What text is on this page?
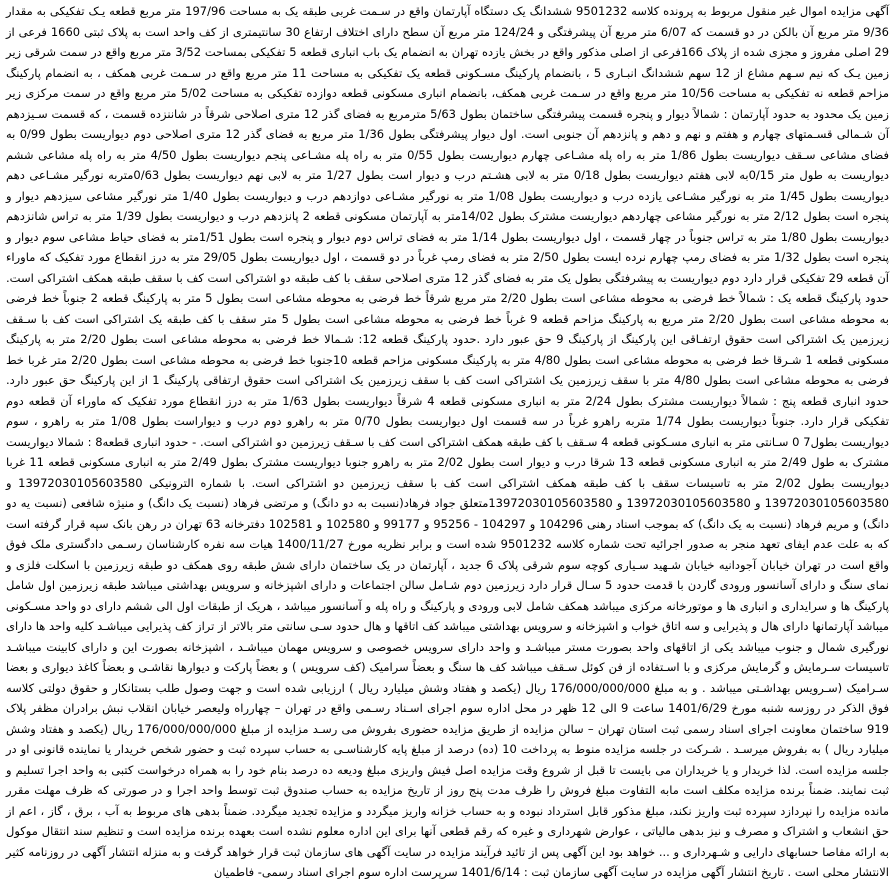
آگهی مزایده اموال غیر منقول مربوط به پرونده کلاسه 9501232 ششدانگ یک دستگاه آپارتمان واقع در سـمت غربی طبقه یک به مساحت 197/96 متر مربع قطعه یـک تفکیکی به مقدار 9/36 متر مربع آن بالکن در دو قسمت که 6/07 متر مربع آن پیشرفتگی و 124/24 متر مربع آن سطح دارای اختلاف ارتفاع 30 سانتیمتری از کف واحد است به پلاک ثبتی 1660 فرعی از 29 اصلی مفروز و مجزی شده از پلاک 166فرعی از اصلی مذکور واقع در بخش یازده تهران به انضمام یک باب انباری قطعه 5 تفکیکی بمساحت 3/52 متر مربع واقع در سمت شرقی زیر زمین یـک که نیم سـهم مشاع از 12 سهم ششدانگ انبـاری 5 ، بانضمام پارکینگ مسـکونی قطعه یک تفکیکی به مساحت 11 متر مربع واقع در سـمت غربی همکف ، به انضمام پارکینگ مزاحم قطعه نه تفکیکی به مساحت 10/56 متر مربع واقع در سـمت غربی همکف، بانضمام انباری مسکونی قطعه دوازده تفکیکی به مساحت 5/02 متر مربع واقع در سمت مرکزی زیر زمین یک محدود به حدود آپارتمان : شمالاً دیوار و پنجره قسمت پیشرفتگی ساختمان بطول 5/63 مترمربع به فضای گذر 12 متری اصلاحی شرقاً در شاننزده قسمت ، که قسمت سـیزدهم آن شـمالی قسـمتهای چهارم و هفتم و نهم و دهم و پانزدهم آن جنوبی است. اول دیوار پیشرفتگی بطول 1/36 متر مربع به فضای گذر 12 متری اصلاحی دوم دیواریست بطول 0/99 به فضای مشاعی سـقف دیواریست بطول 1/86 متر به راه پله مشـاعی چهارم دیواریست بطول 0/55 متر به راه پله مشـاعی پنجم دیواریست بطول 4/50 متر به راه پله مشاعی ششم دیواریست به طول متر 0/15به لابی هفتم دیواریست بطول 0/18 متر به لابی هشـتم درب و دیوار است بطول 1/27 متر به لابی نهم دیواریست بطول 0/63متربه نورگیر مشـاعی دهم دیواریست بطول 1/45 متر به نورگیر مشـاعی یازده درب و دیواریست بطول 1/08 متر به نورگیر مشـاعی دوازدهم درب و دیواریست بطول 1/40 متر نورگیر مشاعی سیزدهم دیوار و پنجره است بطول 2/12 متر به نورگیر مشاعی چهاردهم دیواریست مشترک بطول 14/02متر به آپارتمان مسکونی قطعه 2 پانزدهم درب و دیواریست بطول 1/39 متر به تراس شانزدهم دیواریست بطول 1/80 متر به تراس جنوباً در چهار قسمت ، اول دیواریست بطول 1/14 متر به فضای تراس دوم دیوار و پنجره است بطول 1/51متر به فضای حیاط مشاعی سوم دیوار و پنجره است بطول 1/32 متر به فضای رمپ چهارم نرده ایست بطول 2/50 متر به فضای رمپ غرباً در دو قسمت ، اول دیواریست بطول 29/05 متر به درز انقطاع مورد تفکیک که ماوراء آن قطعه 29 تفکیکی قرار دارد دوم دیواریست به پیشرفتگی بطول یک متر به فضای گذر 12 متری اصلاحی سقف با کف طبقه دو اشتراکی است کف با سقف طبقه همکف اشتراکی است. حدود پارکینگ قطعه یک : شمالاً خط فرضی به محوطه مشاعی است بطول 2/20 متر مربع شرقاً خط فرضی به محوطه مشاعی است بطول 5 متر به پارکینگ قطعه 2 جنوباً خط فرضی به محوطه مشاعی است بطول 2/20 متر مربع به پارکینگ مزاحم قطعه 9 غرباً خط فرضی به محوطه مشاعی است بطول 5 متر سقف با کف طبقه یک اشتراکی است کف با سـقف زیرزمین یک اشتراکی است حقوق ارتفـاقی این پارکینگ از پارکینگ 9 حق عبور دارد .حدود پارکینگ قطعه 12: شـمالا خط فرضی به محوطه مشاعی است بطول 2/20 متر به پارکینگ مسکونی قطعه 1 شـرقا خط فرضی به محوطه مشاعی است بطول 4/80 متر به پارکینگ مسکونی مزاحم قطعه 10جنوبا خط فرضی به محوطه مشاعی است بطول 2/20 متر غربا خط فرضی به محوطه مشاعی است بطول 4/80 متر با سقف زیرزمین یک اشتراکی است کف با سقف زیرزمین یک اشتراکی است حقوق ارتفاقی پارکینگ 1 از این پارکینگ حق عبور دارد. حدود انباری قطعه پنج : شمالاً دیواریست مشترک بطول 2/24 متر به انباری مسکونی قطعه 4 شرقاً دیواریست بطول 1/63 متر به درز انقطاع مورد تفکیک که ماوراء آن قطعه دوم تفکیکی قرار دارد. جنوباً دیواریست بطول 1/74 متربه راهرو غرباً در سه قسمت اول دیواریست بطول 0/70 متر به راهرو دوم درب و دیواراست بطول 1/08 متر به راهرو ، سوم دیواریست بطول7 0 سـانتی متر به انباری مسـکونی قطعه 4 سـقف با کف طبقه همکف اشتراکی است کف با سـقف زیرزمین دو اشتراکی است. - حدود انباری قطعه8 : شمالا دیواریست مشترک به طول 2/49 متر به انباری مسکونی قطعه 13 شرقا درب و دیوار است بطول 2/02 متر به راهرو جنوبا دیواریست مشترک بطول 2/49 متر به انباری مسکونی قطعه 11 غربا دیواریست بطول 2/02 متر به تاسیسات سقف با کف طبقه همکف اشتراکی است کف با سقف زیرزمین دو اشتراکی است. با شماره الترونیکی 13972030105603580 و 13972030105603580 و 13972030105603580 و 13972030105603580متعلق جواد فرهاد(نسبت به دو دانگ) و مرتضی فرهاد (نسبت یک دانگ) و منیژه شافعی (نسبت یه دو دانگ) و مریم فرهاد (نسبت به یک دانگ) که بموجب اسناد رهنی 104296 و 104297 - 95256 و 99177 و 102580 و 102581 دفترخانه 63 تهران در رهن بانک سپه قرار گرفته است که به علت عدم ایفای تعهد منجر به صدور اجرائیه تحت شماره کلاسه 9501232 شده است و برابر نظریه مورخ 1400/11/27 هیات سه نفره کارشناسان رسـمی دادگستری ملک فوق واقع است در تهران خیابان آجودانیه خیابان شـهید سـیاری کوچه سوم شرقی پلاک 6 جدید ، آپارتمان در یک ساختمان دارای شش طبقه روی همکف دو طبقه زیرزمین با اسکلت فلزی و نمای سنگ و دارای آسانسور ورودی گاردن با قدمت حدود 5 سـال قرار دارد زیرزمین دوم شـامل سالن اجتماعات و دارای اشپزخانه و سرویس بهداشتی میباشد طبقه زیرزمین اول شامل پارکینگ ها و سرایداری و انباری ها و موتورخانه مرکزی میباشد همکف شامل لابی ورودی و پارکینگ و راه پله و آسانسور میباشد ، هریک از طبقات اول الی ششم دارای دو واحد مسـکونی میباشد آپارتمانها دارای هال و پذیرایی و سه اتاق خواب و اشپزخانه و سرویس بهداشتی میباشد کف اتاقها و هال حدود سـی سانتی متر بالاتر از تراز کف پذیرایی میباشـد کلیه واحد ها دارای نورگیری شمال و جنوب میباشد یکی از اتاقهای واحد بصورت مستر میباشـد و واحد دارای سرویس خصوصی و سرویس مهمان میباشـد ، اشپزخانه بصورت این و دارای کابینت میباشـد تاسیسات سـرمایش و گرمایش مرکزی و با اسـتفاده از فن کوئل سـقف میباشد کف ها سنگ و بعضاً سرامیک (کف سرویس ) و بعضاً پارکت و دیوارها نقاشـی و بعضاً کاغذ دیواری و بعضا سـرامیک (سـرویس بهداشـتی میباشد . و به مبلغ 176/000/000/000 ریال (یکصد و هفتاد وشش میلیارد ریال ) ارزیابی شده است و جهت وصول طلب بستانکار و حقوق دولتی کلاسه فوق الذکر در روزسه شنبه مورخ 1401/6/29 ساعت 9 الی 12 ظهر در محل اداره سوم اجرای اسـناد رسـمی واقع در تهران – چهارراه ولیعصر خیابان انقلاب نبش برادران مظفر پلاک 919 ساختمان معاونت اجرای اسناد رسمی ثبت استان تهران – سالن مزایده از طریق مزایده حضوری بفروش می رسـد مزایده از مبلغ 176/000/000/000 ریال (یکصد و هفتاد وشش میلیارد ریال ) به بفروش میرسـد . شـرکت در جلسه مزایده منوط به پرداخت 10 (ده) درصد از مبلغ پایه کارشناسـی به حساب سپرده ثبت و حضور شخص خریدار یا نماینده قانونی او در جلسه مزایده است. لذا خریدار و یا خریداران می بایست تا قبل از شروع وقت مزایده اصل فیش واریزی مبلغ ودیعه ده درصد بنام خود را به همراه درخواست کتبی به واحد اجرا تسلیم و ثبت نمایند. ضمناً برنده مزایده مکلف است مابه التفاوت مبلغ فروش را ظرف مدت پنج روز از تاریخ مزایده به حساب صندوق ثبت توسط واحد اجرا و در صورتی که ظرف مهلت مقرر مانده مزایده را نپردازد سپرده ثبت واریز نکند، مبلغ مذکور قابل استرداد نبوده و به حساب خزانه واریز میگردد و مزایده تجدید میگردد. ضمناً بدهی های مربوط به آب ، برق ، گاز ، اعم از حق انشعاب و اشتراک و مصرف و نیز بدهی مالیاتی ، عوارض شهرداری و غیره که رقم قطعی آنها برای این اداره معلوم نشده است بعهده برنده مزایده است و تنظیم سند انتقال موکول به ارائه مفاصا حسابهای دارایی و شـهرداری و ... خواهد بود این آگهی پس از تائید فرآیند مزایده در سایت آگهی های سازمان ثبت قرار خواهد گرفت و به منزله انتشار آگهی در روزنامه کثیر الانتشار محلی است . تاریخ انتشار آگهی مزایده در سایت آگهی سازمان ثبت : 1401/6/14 سرپرست اداره سوم اجرای اسناد رسمی- فاطمیان
